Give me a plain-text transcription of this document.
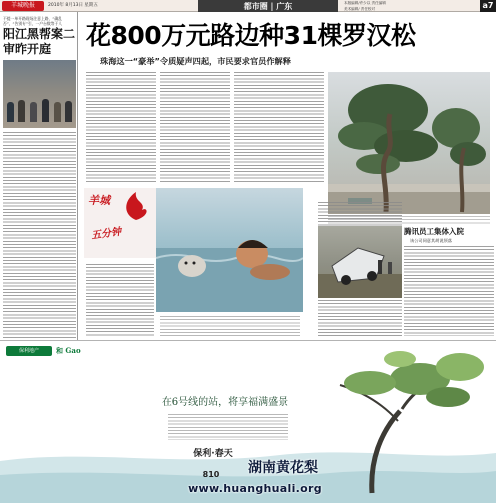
羊城晚报	2010年 8月13日 星期五	都市圈 | 广东	本版编辑/许少以 责任编辑
美术编辑/ 责任校对	a7
不提一单开路现场注意上路，“确乱否”，“告别专”引，一户台数等于人
阳江黑帮案二审昨开庭	花800万元路边种31棵罗汉松
珠海这一“豪举”令质疑声四起，市民要求官员作解释
羊城
五分钟	腾讯员工集体入院
该公司同意其胡说须落
保利地产	和 Gao
在6号线的站，将享福满盛景
保利·春天
810	湖南黄花梨
www.huanghuali.org
